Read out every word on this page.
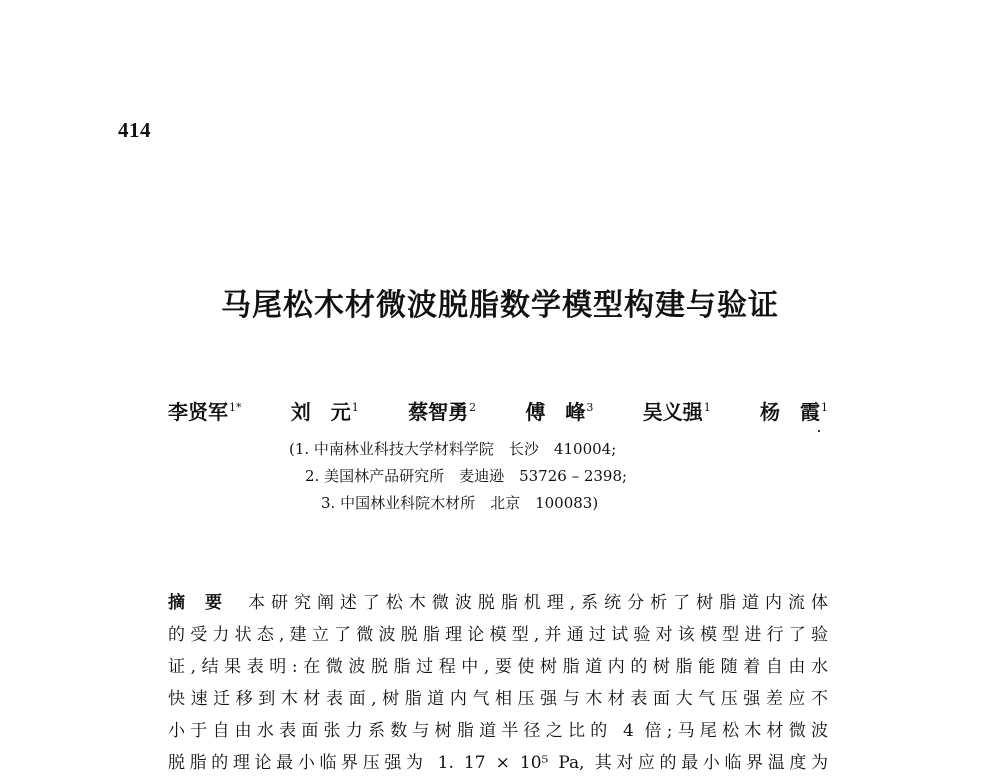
414
马尾松木材微波脱脂数学模型构建与验证
李贤军$^{1*}$ 刘　元$^1$ 蔡智勇$^2$ 傅　峰$^3$ 吴义强$^1$ 杨　霞$^1$
(1. 中南林业科技大学材料学院　长沙　410004;
2. 美国林产品研究所　麦迪逊　53726 – 2398;
3. 中国林业科院木材所　北京　100083)
摘要 本研究阐述了松木微波脱脂机理,系统分析了树脂道内流体
的受力状态,建立了微波脱脂理论模型,并通过试验对该模型进行了验
证,结果表明:在微波脱脂过程中,要使树脂道内的树脂能随着自由水
快速迁移到木材表面,树脂道内气相压强与木材表面大气压强差应不
小于自由水表面张力系数与树脂道半径之比的 4 倍;马尾松木材微波
脱脂的理论最小临界压强为 1. 17 × 10⁵ Pa, 其对应的最小临界温度为
